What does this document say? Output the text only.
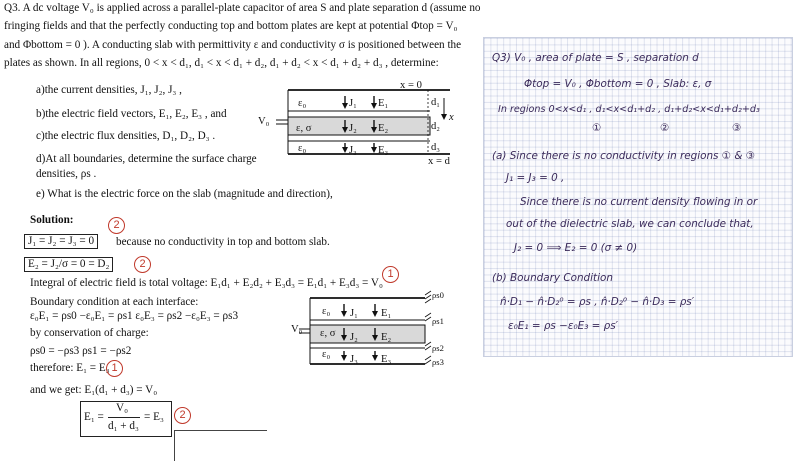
Q3. A dc voltage V₀ is applied across a parallel-plate capacitor of area S and plate separation d (assume no
fringing fields and that the perfectly conducting top and bottom plates are kept at potential Φtop = V₀
and Φbottom = 0 ). A conducting slab with permittivity ε and conductivity σ is positioned between the
plates as shown. In all regions, 0 < x < d₁, d₁ < x < d₁ + d₂, d₁ + d₂ < x < d₁ + d₂ + d₃ , determine:
a)the current densities, J₁, J₂, J₃ ,
b)the electric field vectors, E₁, E₂, E₃ , and
c)the electric flux densities, D₁, D₂, D₃ .
d)At all boundaries, determine the surface charge
densities, ρs .
e) What is the electric force on the slab (magnitude and direction),
x = 0
x = d
V₀
ε₀
ε, σ
ε₀
J₁
J₂
J₃
E₁
E₂
E₃
d₁
d₂
d₃
x
Solution:	2
J₁ = J₂ = J₃ = 0	because no conductivity in top and bottom slab.
E₂ = J₂/σ = 0 = D₂	2
Integral of electric field is total voltage: E₁d₁ + E₂d₂ + E₃d₃ = E₁d₁ + E₃d₃ = V₀
1
Boundary condition at each interface:
ε₀E₁ = ρs0 −ε₀E₁ = ρs1 ε₀E₃ = ρs2 −ε₀E₃ = ρs3
by conservation of charge:
ρs0 = −ρs3 ρs1 = −ρs2
therefore: E₁ = E₃ 1
and we get: E₁(d₁ + d₃) = V₀
E₁ =
V₀
d₁ + d₃
= E₃	2
V₀
ε₀
ε, σ
ε₀
J₁
J₂
J₃
E₁
E₂
E₃
ρs0
ρs1
ρs2
ρs3
Q3) V₀ , area of plate = S , separation d
Φtop = V₀ , Φbottom = 0 , Slab: ε, σ
In regions 0<x<d₁ , d₁<x<d₁+d₂ , d₁+d₂<x<d₁+d₂+d₃
①	②	③
(a) Since there is no conductivity in regions ① & ③
J₁ = J₃ = 0 ,
Since there is no current density flowing in or
out of the dielectric slab, we can conclude that,
J₂ = 0 ⟹ E₂ = 0 (σ ≠ 0)
(b) Boundary Condition
n̂·D₁ − n̂·D₂⁰ = ρs , n̂·D₂⁰ − n̂·D₃ = ρs′
ε₀E₁ = ρs −ε₀E₃ = ρs′
